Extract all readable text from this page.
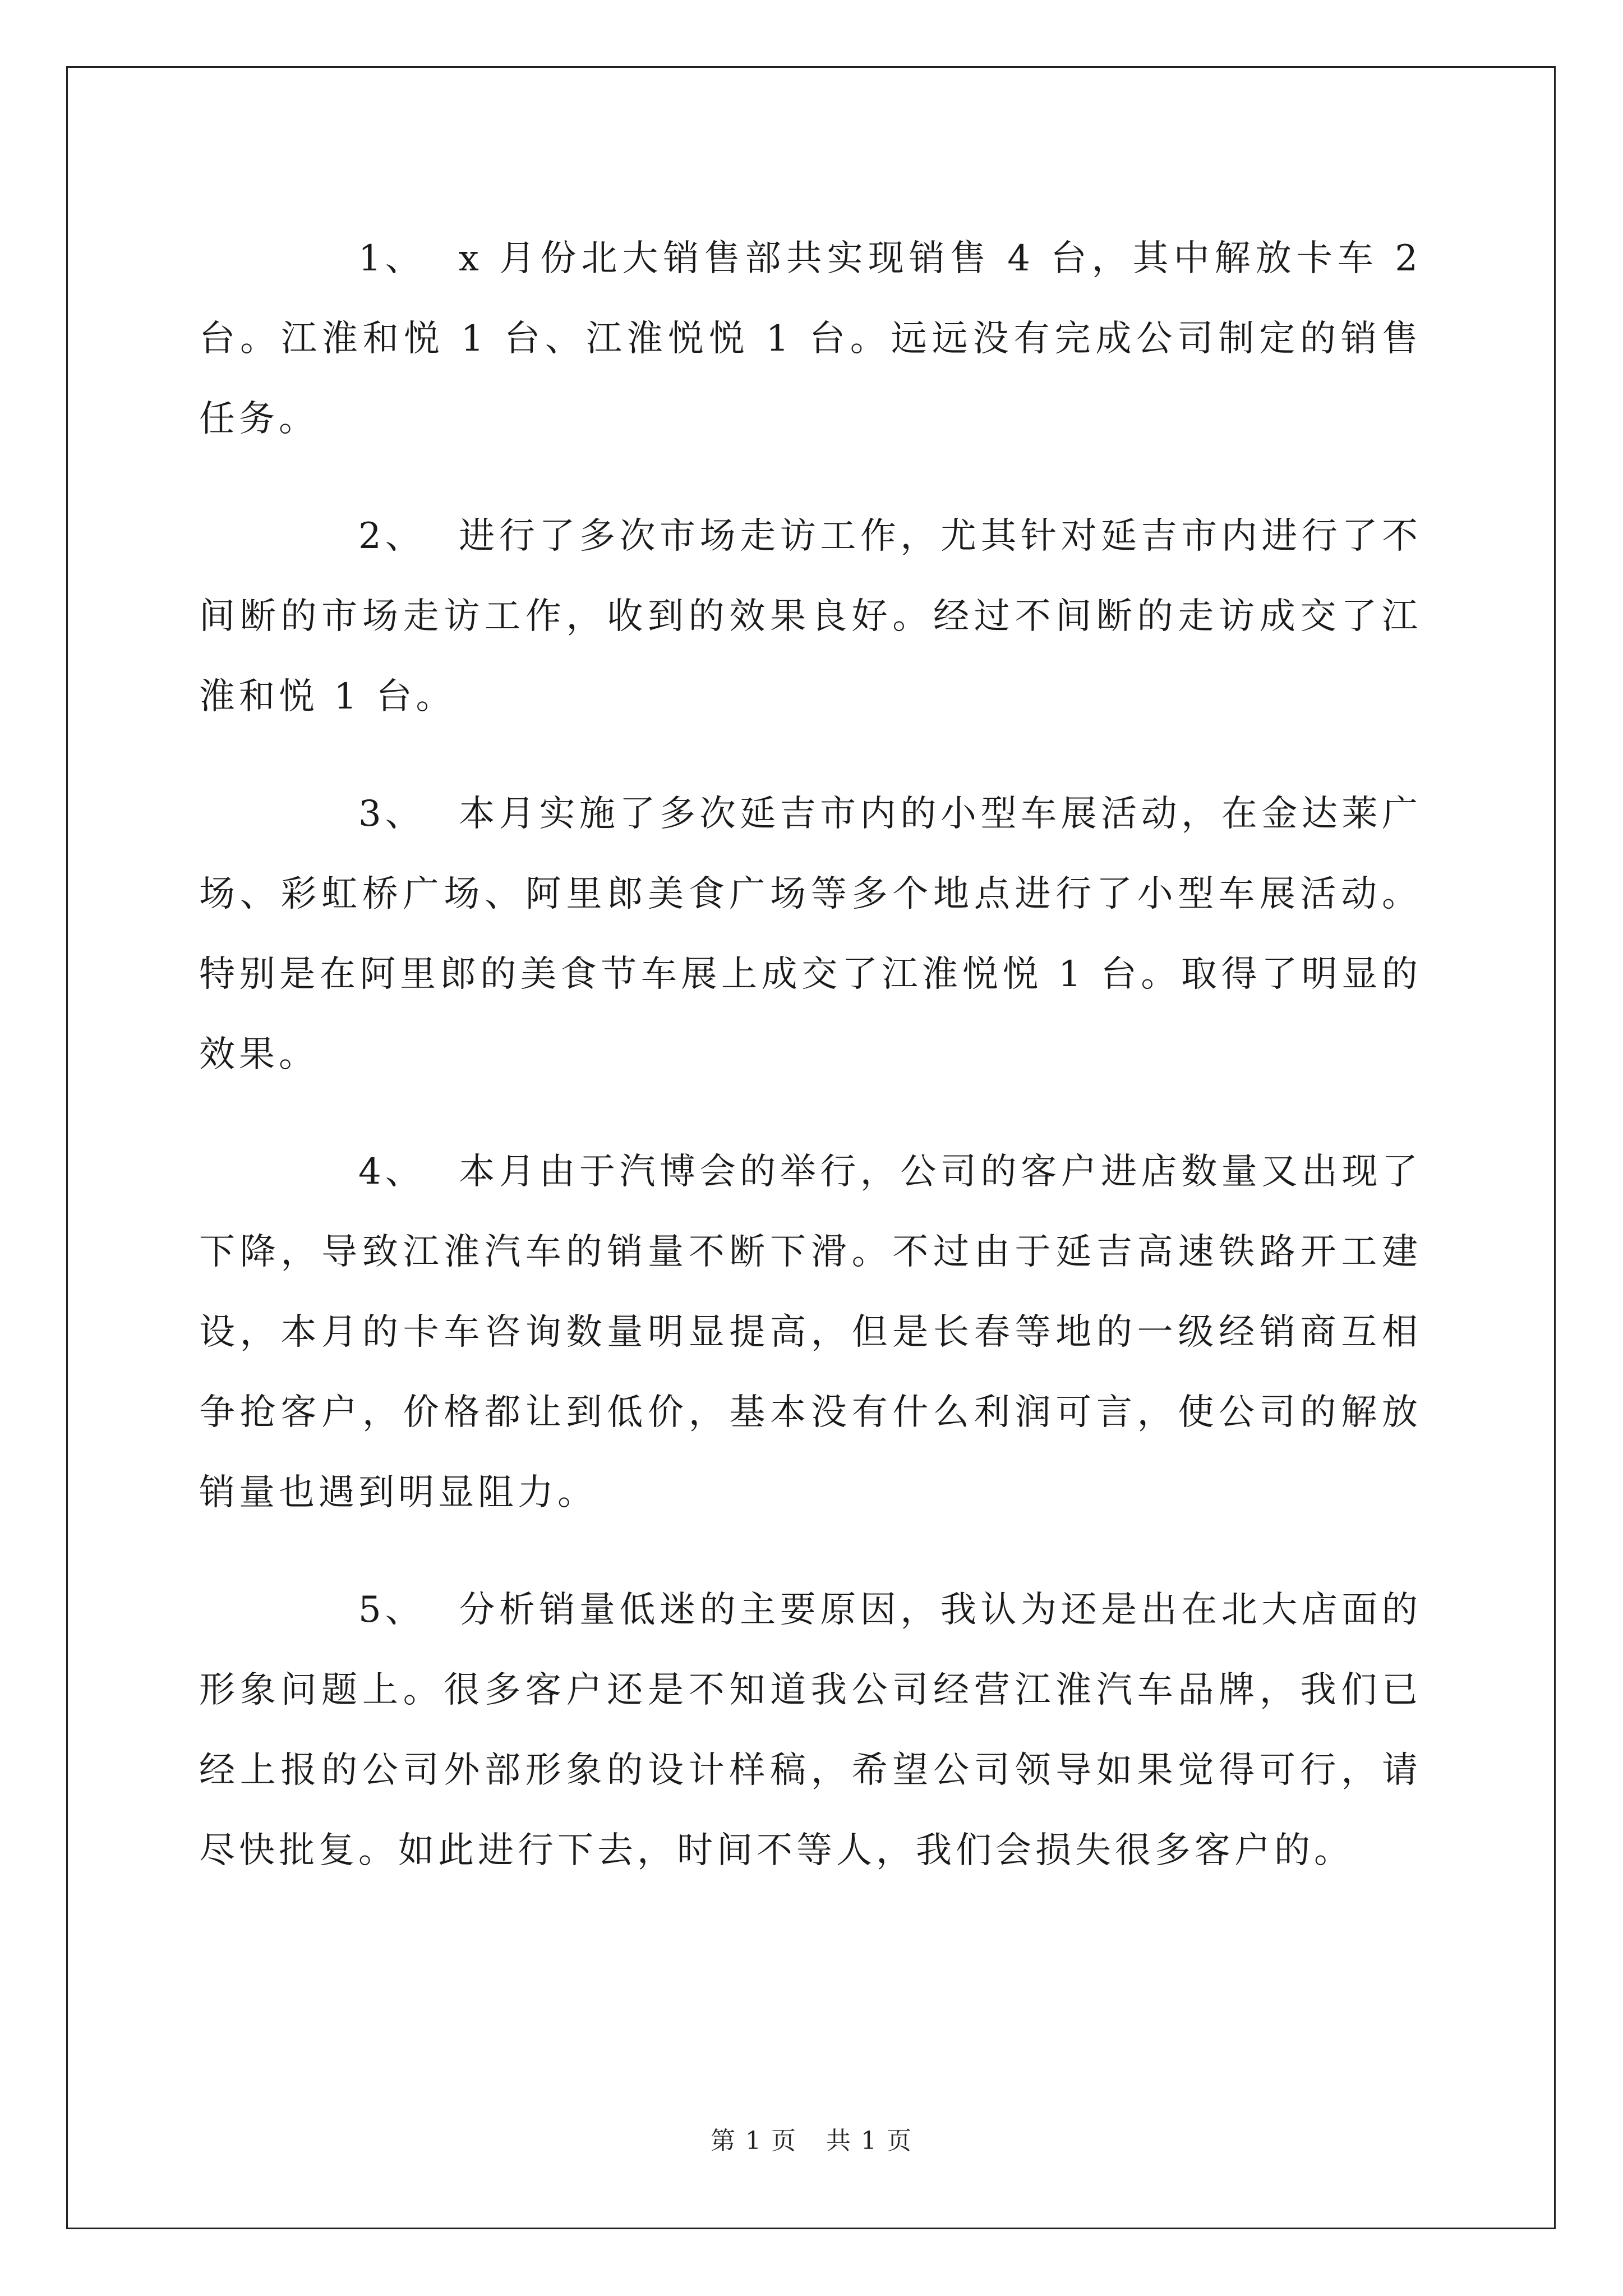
1、 x 月份北大销售部共实现销售 4 台，其中解放卡车 2 台。江淮和悦 1 台、江淮悦悦 1 台。远远没有完成公司制定的销售任务。

2、 进行了多次市场走访工作，尤其针对延吉市内进行了不间断的市场走访工作，收到的效果良好。经过不间断的走访成交了江淮和悦 1 台。

3、 本月实施了多次延吉市内的小型车展活动，在金达莱广场、彩虹桥广场、阿里郎美食广场等多个地点进行了小型车展活动。特别是在阿里郎的美食节车展上成交了江淮悦悦 1 台。取得了明显的效果。

4、 本月由于汽博会的举行，公司的客户进店数量又出现了下降，导致江淮汽车的销量不断下滑。不过由于延吉高速铁路开工建设，本月的卡车咨询数量明显提高，但是长春等地的一级经销商互相争抢客户，价格都让到低价，基本没有什么利润可言，使公司的解放销量也遇到明显阻力。

5、 分析销量低迷的主要原因，我认为还是出在北大店面的形象问题上。很多客户还是不知道我公司经营江淮汽车品牌，我们已经上报的公司外部形象的设计样稿，希望公司领导如果觉得可行，请尽快批复。如此进行下去，时间不等人，我们会损失很多客户的。

第 1 页 共 1 页
